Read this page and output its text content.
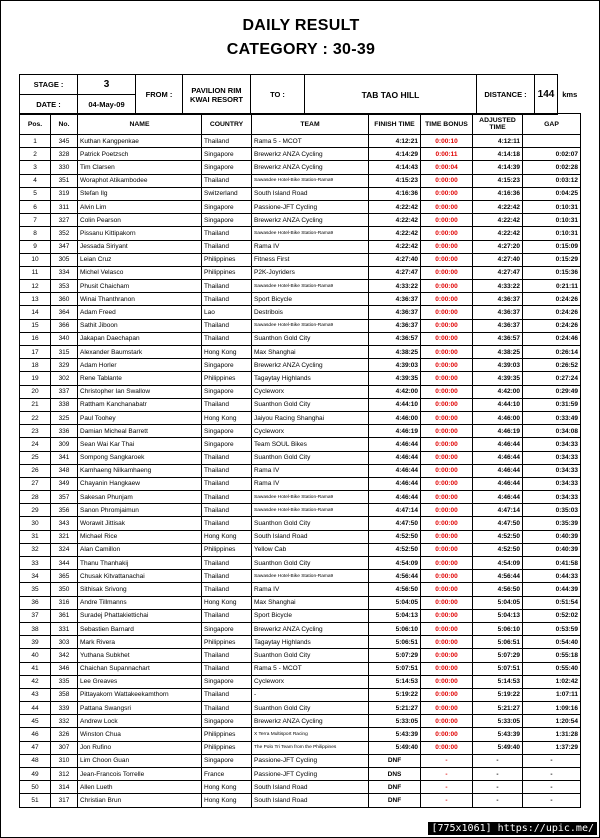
DAILY RESULT
CATEGORY : 30-39
STAGE :	3	FROM :	PAVILION RIM
KWAI RESORT	TO :	TAB TAO HILL	DISTANCE :	144	kms
DATE :	04-May-09							
Pos.	No.	NAME	COUNTRY	TEAM	FINISH TIME	TIME BONUS	ADJUSTED TIME	GAP
1	345	Kuthan Kangpenkae	Thailand	Rama 5 - MCOT	4:12:21	0:00:10	4:12:11	
2	328	Patrick Poetzsch	Singapore	Brewerkz ANZA Cycling	4:14:29	0:00:11	4:14:18	0:02:07
3	330	Tim Clarsen	Singapore	Brewerkz ANZA Cycling	4:14:43	0:00:04	4:14:39	0:02:28
4	351	Woraphot Atikambodee	Thailand	Sawasdee Hotel-Bike Station-Rama9	4:15:23	0:00:00	4:15:23	0:03:12
5	319	Stefan Ilg	Switzerland	South Island Road	4:16:36	0:00:00	4:16:36	0:04:25
6	311	Alvin Lim	Singapore	Passione-JFT Cycling	4:22:42	0:00:00	4:22:42	0:10:31
7	327	Colin Pearson	Singapore	Brewerkz ANZA Cycling	4:22:42	0:00:00	4:22:42	0:10:31
8	352	Pissanu Kittipakorn	Thailand	Sawasdee Hotel-Bike Station-Rama9	4:22:42	0:00:00	4:22:42	0:10:31
9	347	Jessada Siriyant	Thailand	Rama IV	4:22:42	0:00:00	4:27:20	0:15:09
10	305	Leian Cruz	Philippines	Fitness First	4:27:40	0:00:00	4:27:40	0:15:29
11	334	Michel Velasco	Philippines	P2K-Joyriders	4:27:47	0:00:00	4:27:47	0:15:36
12	353	Phusit Chaicham	Thailand	Sawasdee Hotel-Bike Station-Rama9	4:33:22	0:00:00	4:33:22	0:21:11
13	360	Winai Thanthranon	Thailand	Sport Bicycle	4:36:37	0:00:00	4:36:37	0:24:26
14	364	Adam Freed	Lao	Destribois	4:36:37	0:00:00	4:36:37	0:24:26
15	366	Sathit Jiboon	Thailand	Sawasdee Hotel-Bike Station-Rama9	4:36:37	0:00:00	4:36:37	0:24:26
16	340	Jakapan Daechapan	Thailand	Suanthon Gold City	4:36:57	0:00:00	4:36:57	0:24:46
17	315	Alexander Baumstark	Hong Kong	Max Shanghai	4:38:25	0:00:00	4:38:25	0:26:14
18	329	Adam Horler	Singapore	Brewerkz ANZA Cycling	4:39:03	0:00:00	4:39:03	0:26:52
19	302	Rene Tablante	Philippines	Tagaytay Highlands	4:39:35	0:00:00	4:39:35	0:27:24
20	337	Christopher Ian Swallow	Singapore	Cycleworx	4:42:00	0:00:00	4:42:00	0:29:49
21	338	Rattham Kanchanabatr	Thailand	Suanthon Gold City	4:44:10	0:00:00	4:44:10	0:31:59
22	325	Paul Toohey	Hong Kong	Jaiyou Racing Shanghai	4:46:00	0:00:00	4:46:00	0:33:49
23	336	Damian Micheal Barrett	Singapore	Cycleworx	4:46:19	0:00:00	4:46:19	0:34:08
24	309	Sean Wai Kar Thai	Singapore	Team SOUL Bikes	4:46:44	0:00:00	4:46:44	0:34:33
25	341	Sompong Sangkaroek	Thailand	Suanthon Gold City	4:46:44	0:00:00	4:46:44	0:34:33
26	348	Kamhaeng Nilkamhaeng	Thailand	Rama IV	4:46:44	0:00:00	4:46:44	0:34:33
27	349	Chayanin Hangkaew	Thailand	Rama IV	4:46:44	0:00:00	4:46:44	0:34:33
28	357	Sakesan Phunjam	Thailand	Sawasdee Hotel-Bike Station-Rama9	4:46:44	0:00:00	4:46:44	0:34:33
29	356	Sanon Phromjaimun	Thailand	Sawasdee Hotel-Bike Station-Rama9	4:47:14	0:00:00	4:47:14	0:35:03
30	343	Worawit Jittisak	Thailand	Suanthon Gold City	4:47:50	0:00:00	4:47:50	0:35:39
31	321	Michael Rice	Hong Kong	South Island Road	4:52:50	0:00:00	4:52:50	0:40:39
32	324	Alan Camillon	Philippines	Yellow Cab	4:52:50	0:00:00	4:52:50	0:40:39
33	344	Thanu Thanhakij	Thailand	Suanthon Gold City	4:54:09	0:00:00	4:54:09	0:41:58
34	365	Chusak Kitvattanachai	Thailand	Sawasdee Hotel-Bike Station-Rama9	4:56:44	0:00:00	4:56:44	0:44:33
35	350	Sithisak Srivong	Thailand	Rama IV	4:56:50	0:00:00	4:56:50	0:44:39
36	316	Andre Tillmanns	Hong Kong	Max Shanghai	5:04:05	0:00:00	5:04:05	0:51:54
37	361	Suradej Phattakiettichai	Thailand	Sport Bicycle	5:04:13	0:00:00	5:04:13	0:52:02
38	331	Sebastien Barnard	Singapore	Brewerkz ANZA Cycling	5:06:10	0:00:00	5:06:10	0:53:59
39	303	Mark Rivera	Philippines	Tagaytay Highlands	5:06:51	0:00:00	5:06:51	0:54:40
40	342	Yuthana Subkhet	Thailand	Suanthon Gold City	5:07:29	0:00:00	5:07:29	0:55:18
41	346	Chaichan Supannachart	Thailand	Rama 5 - MCOT	5:07:51	0:00:00	5:07:51	0:55:40
42	335	Lee Greaves	Singapore	Cycleworx	5:14:53	0:00:00	5:14:53	1:02:42
43	358	Pittayakorn Wattakeekamthorn	Thailand	-	5:19:22	0:00:00	5:19:22	1:07:11
44	339	Pattana Swangsri	Thailand	Suanthon Gold City	5:21:27	0:00:00	5:21:27	1:09:16
45	332	Andrew Lock	Singapore	Brewerkz ANZA Cycling	5:33:05	0:00:00	5:33:05	1:20:54
46	326	Winston Chua	Philippines	X Terra Multisport Racing	5:43:39	0:00:00	5:43:39	1:31:28
47	307	Jon Rufino	Philippines	The Polo Tri Team from the Philippines	5:49:40	0:00:00	5:49:40	1:37:29
48	310	Lim Choon Guan	Singapore	Passione-JFT Cycling	DNF	-	-	-
49	312	Jean-Francois Torrelle	France	Passione-JFT Cycling	DNS	-	-	-
50	314	Allen Lueth	Hong Kong	South Island Road	DNF	-	-	-
51	317	Christian Brun	Hong Kong	South Island Road	DNF	-	-	-
[775x1061] https://upic.me/
